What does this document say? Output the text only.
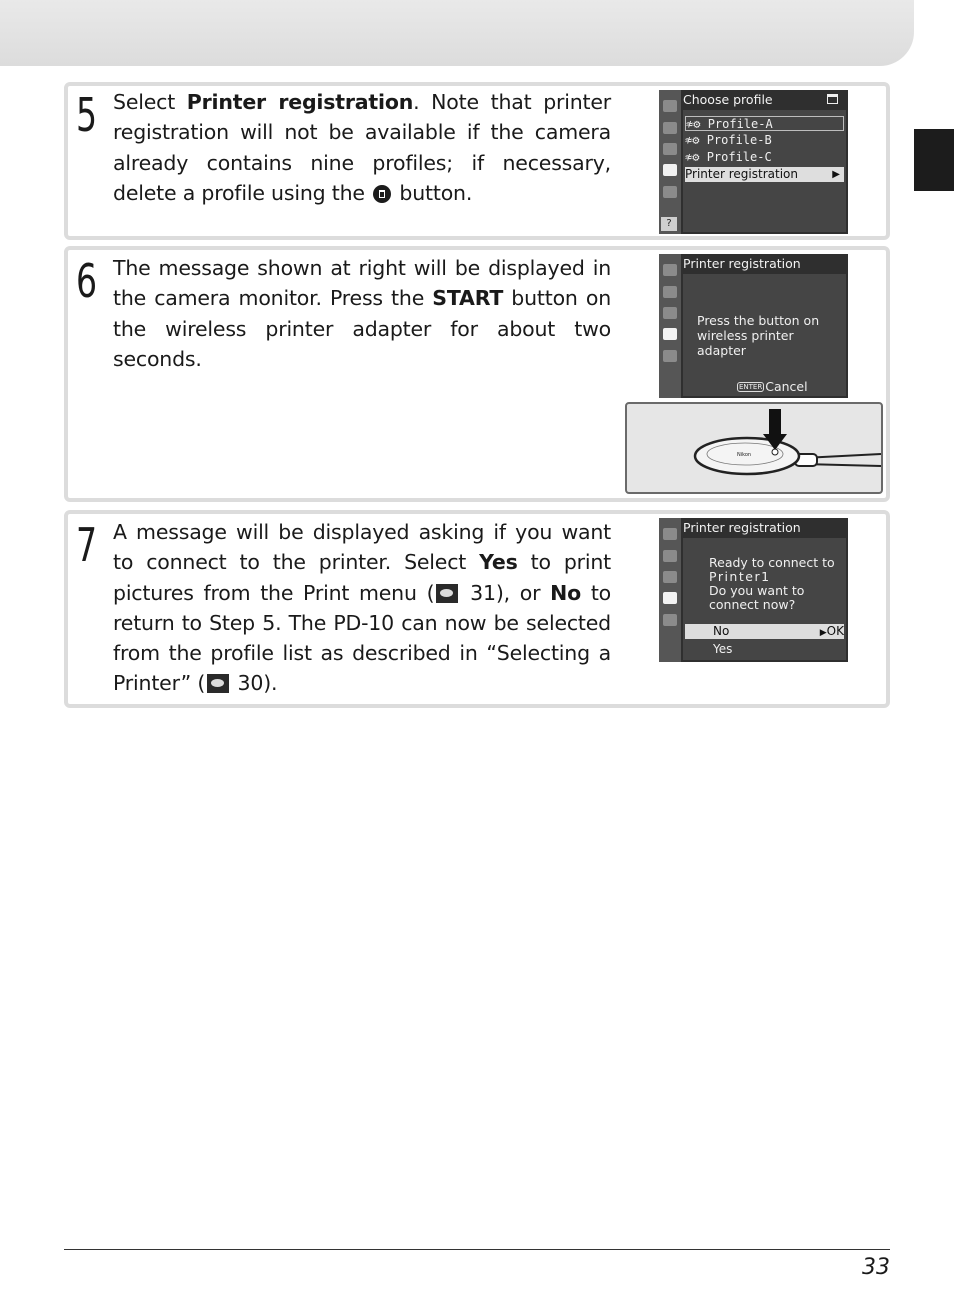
5 Select Printer registration. Note that printer registration will not be available if the camera already contains nine profiles; if necessary, delete a profile using the  button.
?
Choose profile
≉⚙ Profile-A
≉⚙ Profile-B
≉⚙ Profile-C
Printer registration	▶
6 The message shown at right will be displayed in the camera monitor. Press the START button on the wireless printer adapter for about two seconds.
Printer registration
Press the button on
wireless printer adapter
ENTER Cancel
Nikon
7 A message will be displayed asking if you want to connect to the printer. Select Yes to print pictures from the Print menu ( 31), or No to return to Step 5. The PD-10 can now be selected from the profile list as described in “Selecting a Printer” ( 30).
Printer registration
Ready to connect to
Printer1
Do you want to
connect now?
No	▶OK
Yes
33
